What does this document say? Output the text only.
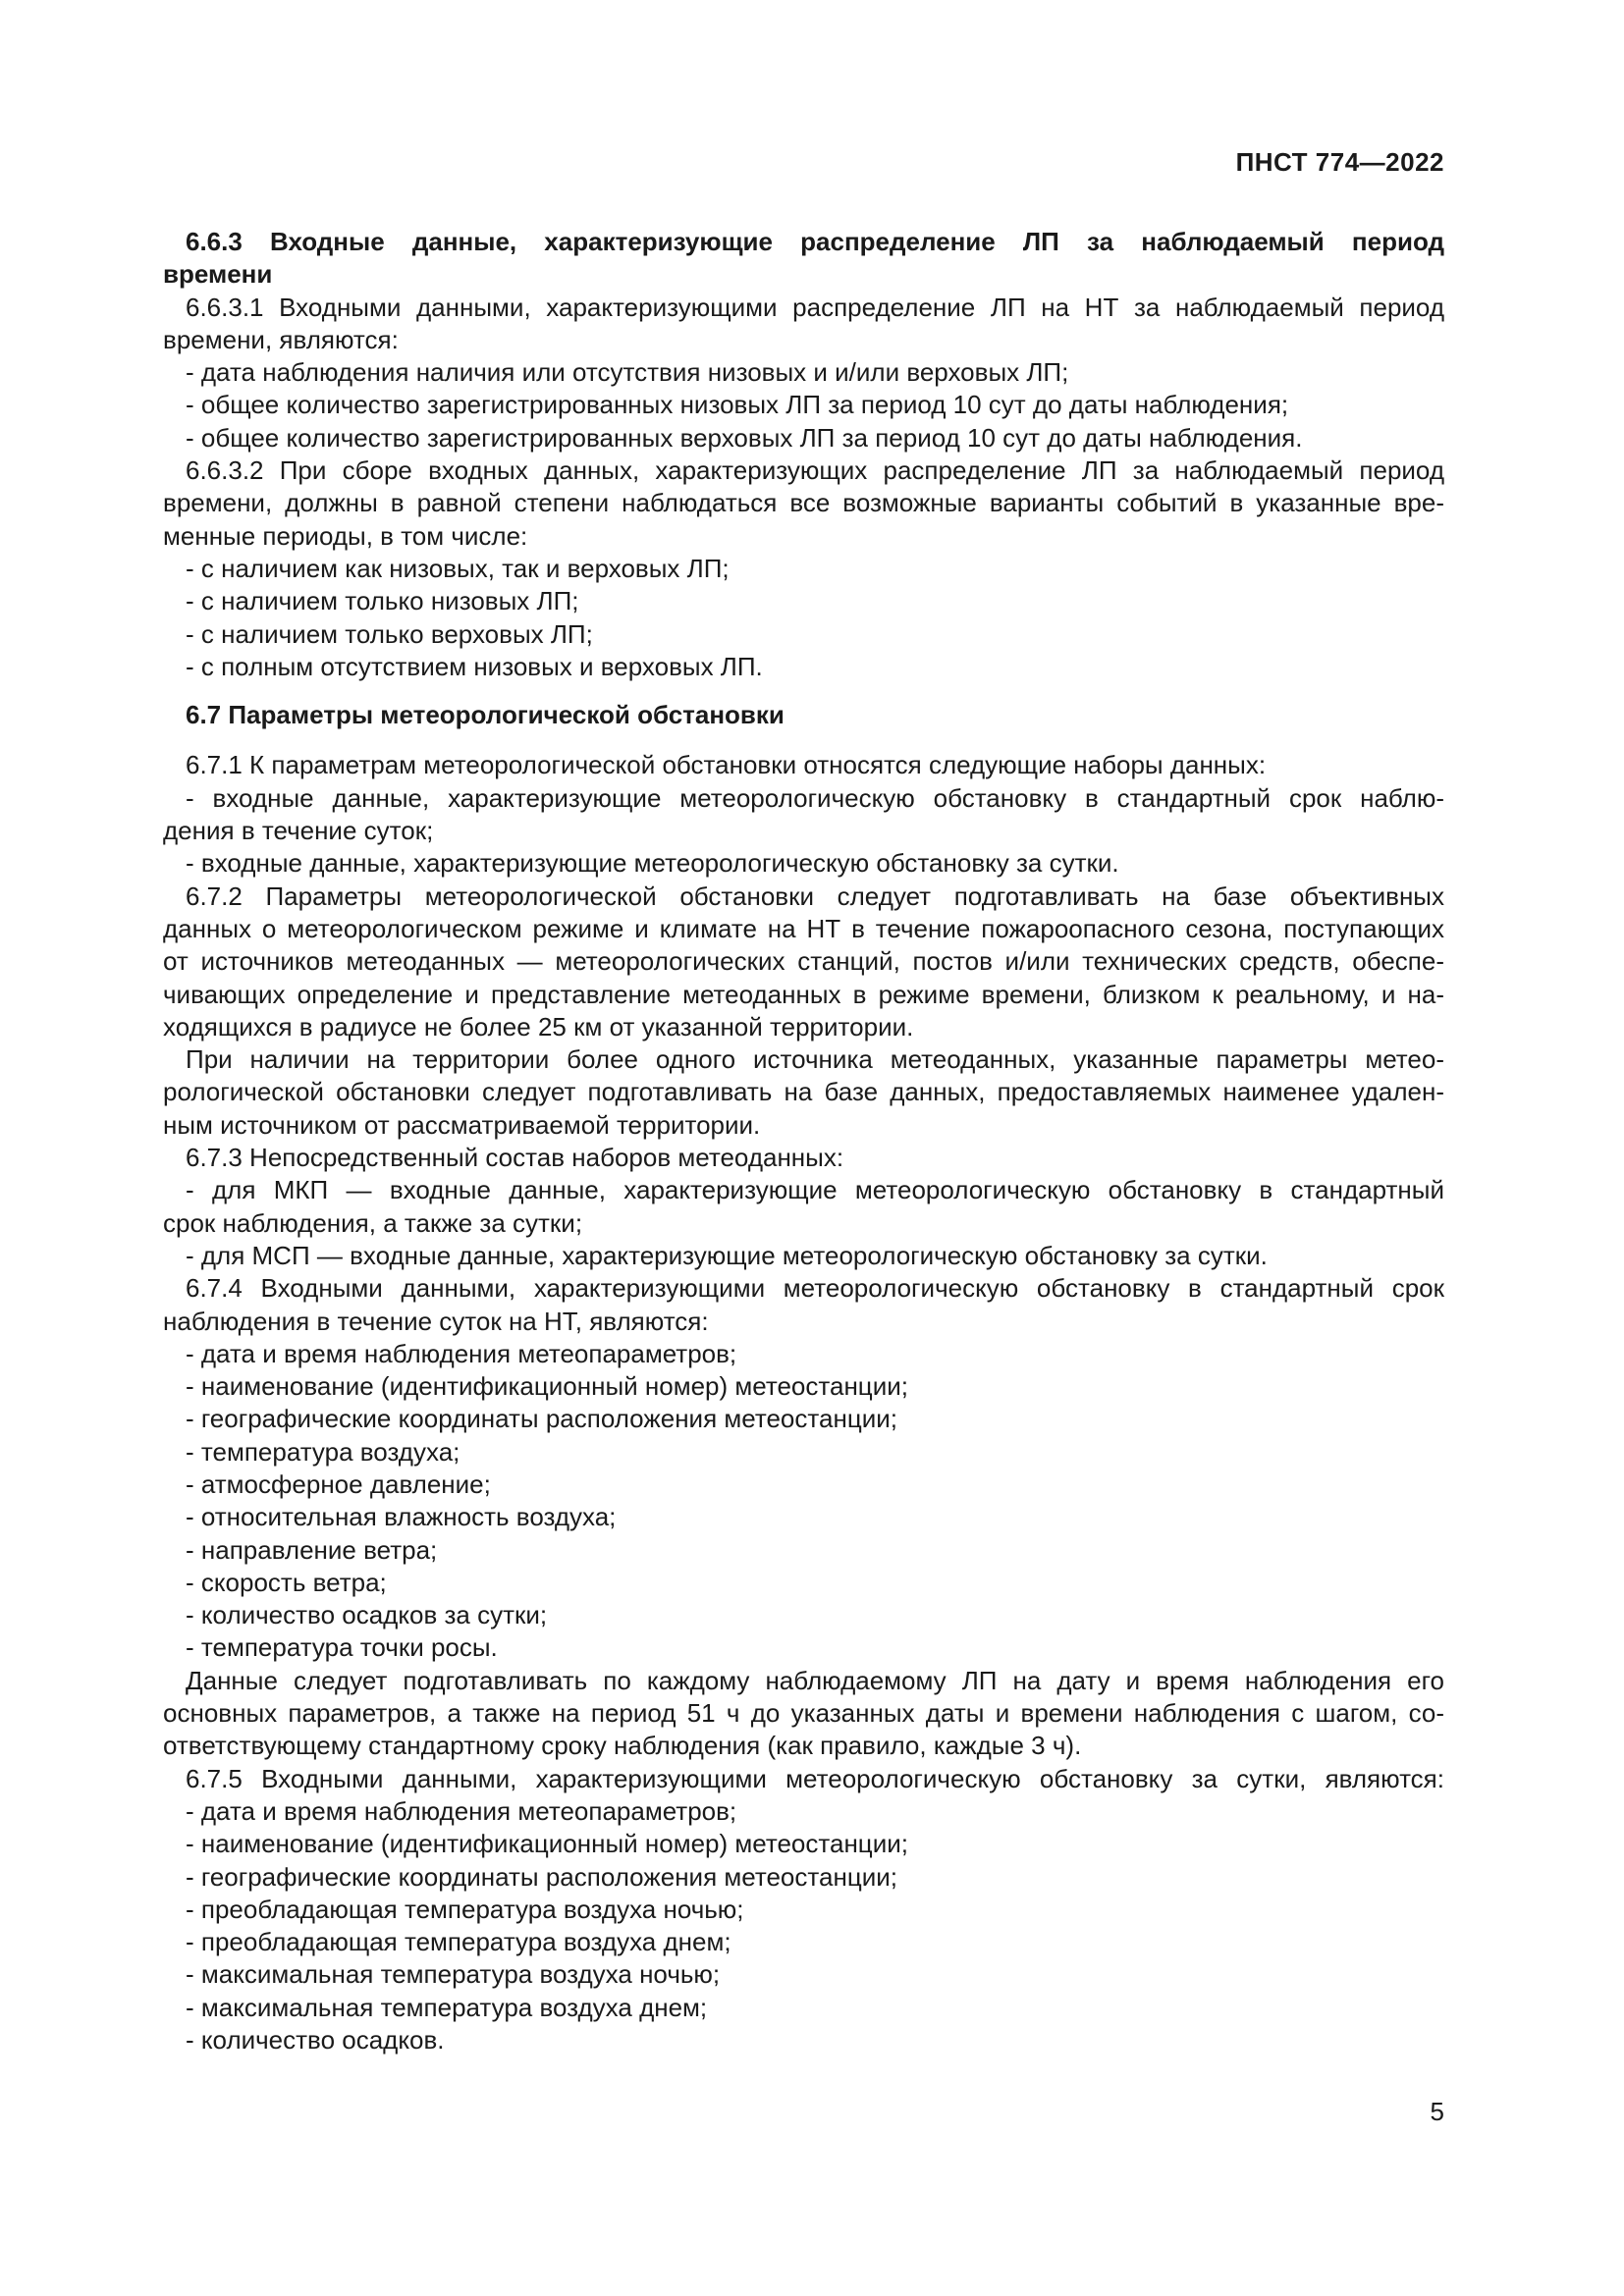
ПНСТ 774—2022

6.6.3 Входные данные, характеризующие распределение ЛП за наблюдаемый период

времени

6.6.3.1 Входными данными, характеризующими распределение ЛП на НТ за наблюдаемый период

времени, являются:

- дата наблюдения наличия или отсутствия низовых и и/или верховых ЛП;

- общее количество зарегистрированных низовых ЛП за период 10 сут до даты наблюдения;

- общее количество зарегистрированных верховых ЛП за период 10 сут до даты наблюдения.

6.6.3.2 При сборе входных данных, характеризующих распределение ЛП за наблюдаемый период

времени, должны в равной степени наблюдаться все возможные варианты событий в указанные вре-

менные периоды, в том числе:

- с наличием как низовых, так и верховых ЛП;

- с наличием только низовых ЛП;

- с наличием только верховых ЛП;

- с полным отсутствием низовых и верховых ЛП.

6.7 Параметры метеорологической обстановки

6.7.1 К параметрам метеорологической обстановки относятся следующие наборы данных:

- входные данные, характеризующие метеорологическую обстановку в стандартный срок наблю-

дения в течение суток;

- входные данные, характеризующие метеорологическую обстановку за сутки.

6.7.2 Параметры метеорологической обстановки следует подготавливать на базе объективных

данных о метеорологическом режиме и климате на НТ в течение пожароопасного сезона, поступающих

от источников метеоданных — метеорологических станций, постов и/или технических средств, обеспе-

чивающих определение и представление метеоданных в режиме времени, близком к реальному, и на-

ходящихся в радиусе не более 25 км от указанной территории.

При наличии на территории более одного источника метеоданных, указанные параметры метео-

рологической обстановки следует подготавливать на базе данных, предоставляемых наименее удален-

ным источником от рассматриваемой территории.

6.7.3 Непосредственный состав наборов метеоданных:

- для МКП — входные данные, характеризующие метеорологическую обстановку в стандартный

срок наблюдения, а также за сутки;

- для МСП — входные данные, характеризующие метеорологическую обстановку за сутки.

6.7.4 Входными данными, характеризующими метеорологическую обстановку в стандартный срок

наблюдения в течение суток на НТ, являются:

- дата и время наблюдения метеопараметров;

- наименование (идентификационный номер) метеостанции;

- географические координаты расположения метеостанции;

- температура воздуха;

- атмосферное давление;

- относительная влажность воздуха;

- направление ветра;

- скорость ветра;

- количество осадков за сутки;

- температура точки росы.

Данные следует подготавливать по каждому наблюдаемому ЛП на дату и время наблюдения его

основных параметров, а также на период 51 ч до указанных даты и времени наблюдения с шагом, со-

ответствующему стандартному сроку наблюдения (как правило, каждые 3 ч).

6.7.5 Входными данными, характеризующими метеорологическую обстановку за сутки, являются:

- дата и время наблюдения метеопараметров;

- наименование (идентификационный номер) метеостанции;

- географические координаты расположения метеостанции;

- преобладающая температура воздуха ночью;

- преобладающая температура воздуха днем;

- максимальная температура воздуха ночью;

- максимальная температура воздуха днем;

- количество осадков.

5
